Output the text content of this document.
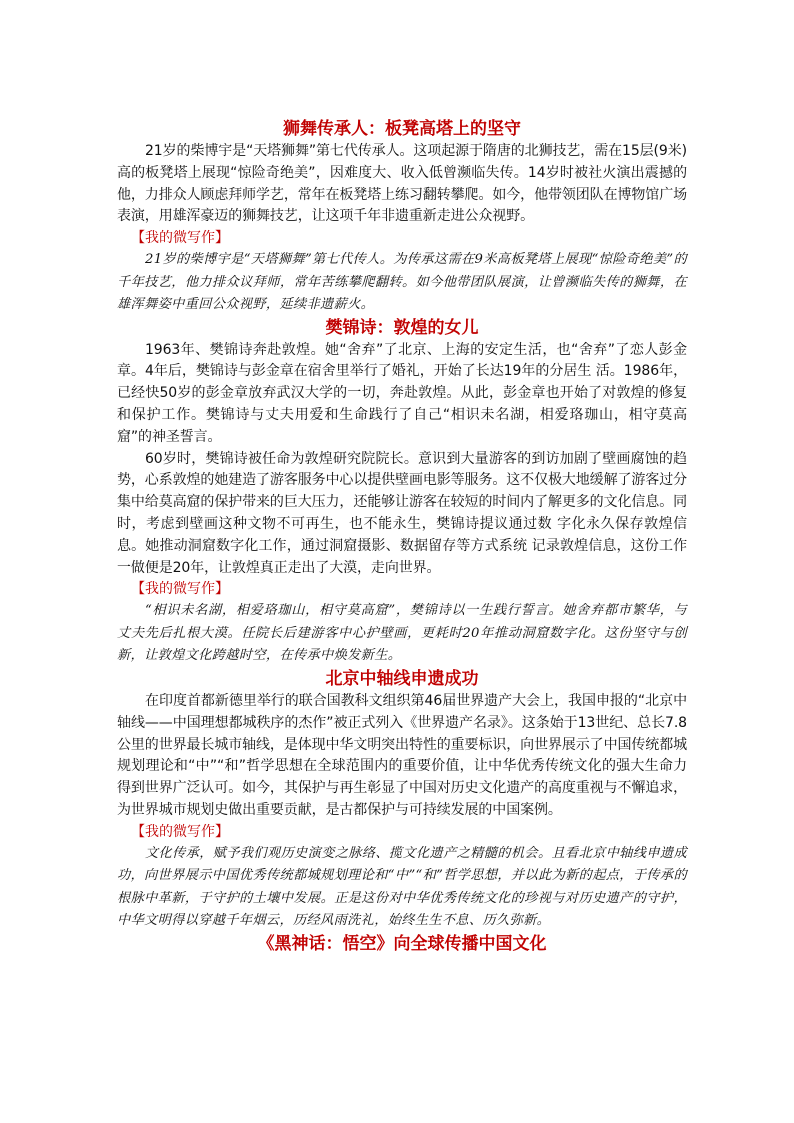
狮舞传承人：板凳高塔上的坚守

21岁的柴博宇是“天塔狮舞”第七代传承人。这项起源于隋唐的北狮技艺，需在15层(9米)高的板凳塔上展现“惊险奇绝美”，因难度大、收入低曾濒临失传。14岁时被社火演出震撼的他，力排众人顾虑拜师学艺，常年在板凳塔上练习翻转攀爬。如今，他带领团队在博物馆广场表演，用雄浑豪迈的狮舞技艺，让这项千年非遗重新走进公众视野。

【我的微写作】

21岁的柴博宇是“天塔狮舞”第七代传人。为传承这需在9米高板凳塔上展现“惊险奇绝美”的千年技艺，他力排众议拜师，常年苦练攀爬翻转。如今他带团队展演，让曾濒临失传的狮舞，在雄浑舞姿中重回公众视野，延续非遗薪火。

樊锦诗：敦煌的女儿

1963年、樊锦诗奔赴敦煌。她“舍弃”了北京、上海的安定生活，也“舍弃”了恋人彭金章。4年后，樊锦诗与彭金章在宿舍里举行了婚礼，开始了长达19年的分居生 活。1986年，已经快50岁的彭金章放弃武汉大学的一切，奔赴敦煌。从此，彭金章也开始了对敦煌的修复和保护工作。樊锦诗与丈夫用爱和生命践行了自己“相识未名湖，相爱珞珈山，相守莫高窟”的神圣誓言。

60岁时，樊锦诗被任命为敦煌研究院院长。意识到大量游客的到访加剧了壁画腐蚀的趋势，心系敦煌的她建造了游客服务中心以提供壁画电影等服务。这不仅极大地缓解了游客过分集中给莫高窟的保护带来的巨大压力，还能够让游客在较短的时间内了解更多的文化信息。同时，考虑到壁画这种文物不可再生，也不能永生，樊锦诗提议通过数 字化永久保存敦煌信息。她推动洞窟数字化工作，通过洞窟摄影、数据留存等方式系统 记录敦煌信息，这份工作一做便是20年，让敦煌真正走出了大漠，走向世界。

【我的微写作】

“相识未名湖，相爱珞珈山，相守莫高窟”，樊锦诗以一生践行誓言。她舍弃都市繁华，与丈夫先后扎根大漠。任院长后建游客中心护壁画，更耗时20年推动洞窟数字化。这份坚守与创新，让敦煌文化跨越时空，在传承中焕发新生。

北京中轴线申遗成功

在印度首都新德里举行的联合国教科文组织第46届世界遗产大会上，我国申报的“北京中轴线——中国理想都城秩序的杰作”被正式列入《世界遗产名录》。这条始于13世纪、总长7.8公里的世界最长城市轴线，是体现中华文明突出特性的重要标识，向世界展示了中国传统都城规划理论和“中”“和”哲学思想在全球范围内的重要价值，让中华优秀传统文化的强大生命力得到世界广泛认可。如今，其保护与再生彰显了中国对历史文化遗产的高度重视与不懈追求，为世界城市规划史做出重要贡献，是古都保护与可持续发展的中国案例。

【我的微写作】

文化传承，赋予我们观历史演变之脉络、揽文化遗产之精髓的机会。且看北京中轴线申遗成功，向世界展示中国优秀传统都城规划理论和“中”“和”哲学思想，并以此为新的起点，于传承的根脉中革新，于守护的土壤中发展。正是这份对中华优秀传统文化的珍视与对历史遗产的守护，中华文明得以穿越千年烟云，历经风雨洗礼，始终生生不息、历久弥新。

《黑神话：悟空》向全球传播中国文化
